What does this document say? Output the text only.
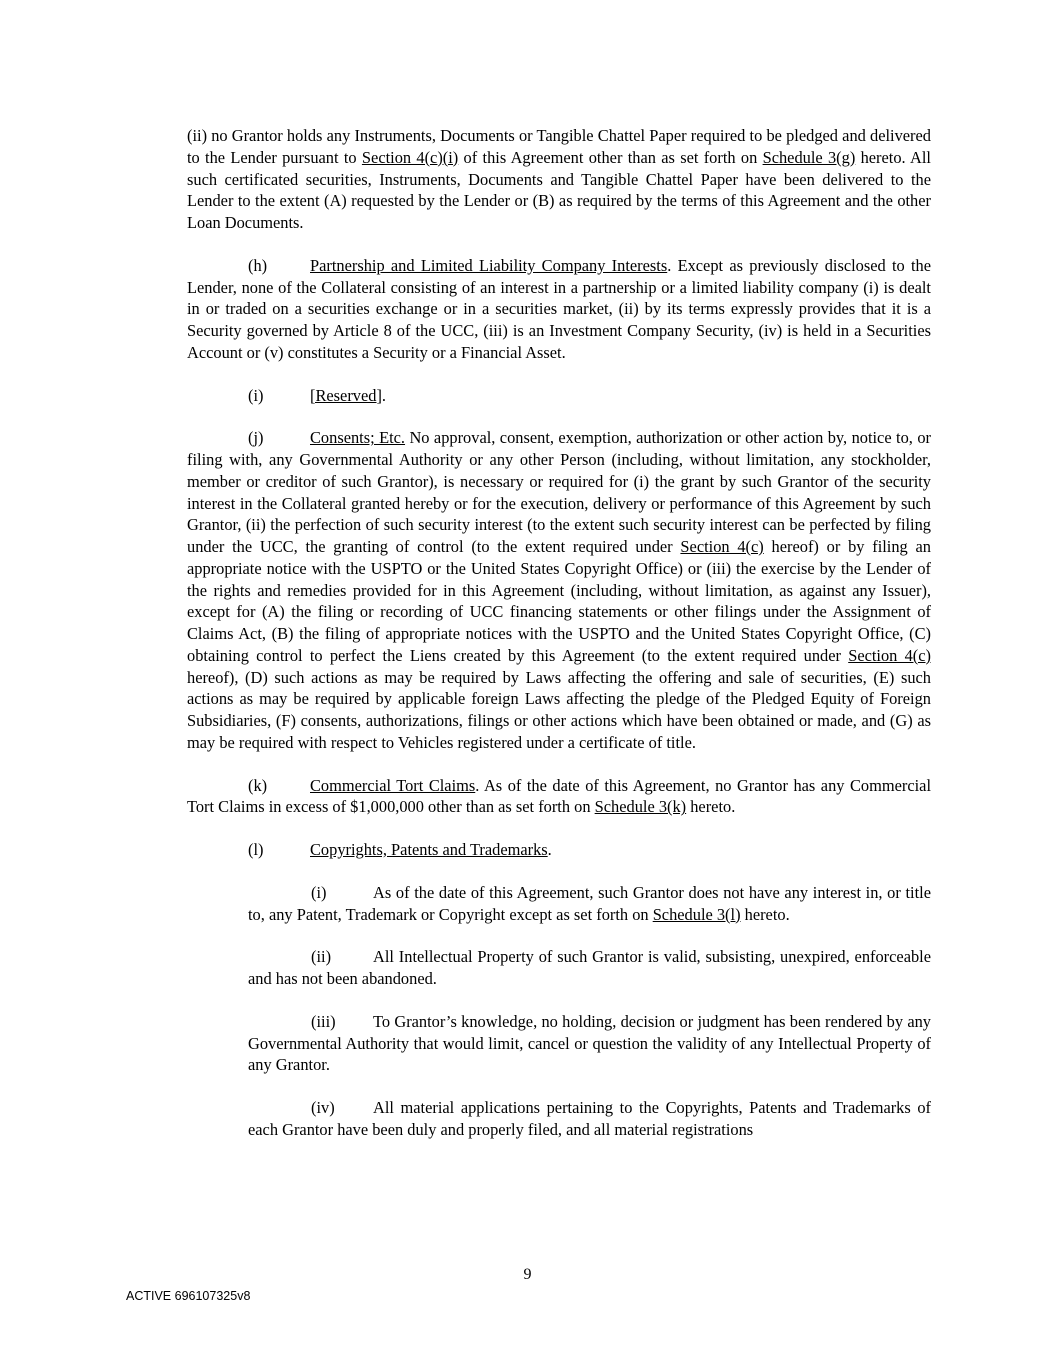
(ii) no Grantor holds any Instruments, Documents or Tangible Chattel Paper required to be pledged and delivered to the Lender pursuant to Section 4(c)(i) of this Agreement other than as set forth on Schedule 3(g) hereto. All such certificated securities, Instruments, Documents and Tangible Chattel Paper have been delivered to the Lender to the extent (A) requested by the Lender or (B) as required by the terms of this Agreement and the other Loan Documents.

(h)	Partnership and Limited Liability Company Interests. Except as previously disclosed to the Lender, none of the Collateral consisting of an interest in a partnership or a limited liability company (i) is dealt in or traded on a securities exchange or in a securities market, (ii) by its terms expressly provides that it is a Security governed by Article 8 of the UCC, (iii) is an Investment Company Security, (iv) is held in a Securities Account or (v) constitutes a Security or a Financial Asset.

(i)	[Reserved].

(j)	Consents; Etc. No approval, consent, exemption, authorization or other action by, notice to, or filing with, any Governmental Authority or any other Person (including, without limitation, any stockholder, member or creditor of such Grantor), is necessary or required for (i) the grant by such Grantor of the security interest in the Collateral granted hereby or for the execution, delivery or performance of this Agreement by such Grantor, (ii) the perfection of such security interest (to the extent such security interest can be perfected by filing under the UCC, the granting of control (to the extent required under Section 4(c) hereof) or by filing an appropriate notice with the USPTO or the United States Copyright Office) or (iii) the exercise by the Lender of the rights and remedies provided for in this Agreement (including, without limitation, as against any Issuer), except for (A) the filing or recording of UCC financing statements or other filings under the Assignment of Claims Act, (B) the filing of appropriate notices with the USPTO and the United States Copyright Office, (C) obtaining control to perfect the Liens created by this Agreement (to the extent required under Section 4(c) hereof), (D) such actions as may be required by Laws affecting the offering and sale of securities, (E) such actions as may be required by applicable foreign Laws affecting the pledge of the Pledged Equity of Foreign Subsidiaries, (F) consents, authorizations, filings or other actions which have been obtained or made, and (G) as may be required with respect to Vehicles registered under a certificate of title.

(k)	Commercial Tort Claims. As of the date of this Agreement, no Grantor has any Commercial Tort Claims in excess of $1,000,000 other than as set forth on Schedule 3(k) hereto.

(l)	Copyrights, Patents and Trademarks.

(i)	As of the date of this Agreement, such Grantor does not have any interest in, or title to, any Patent, Trademark or Copyright except as set forth on Schedule 3(l) hereto.

(ii)	All Intellectual Property of such Grantor is valid, subsisting, unexpired, enforceable and has not been abandoned.

(iii) To Grantor’s knowledge, no holding, decision or judgment has been rendered by any Governmental Authority that would limit, cancel or question the validity of any Intellectual Property of any Grantor.

(iv) All material applications pertaining to the Copyrights, Patents and Trademarks of each Grantor have been duly and properly filed, and all material registrations

9
ACTIVE 696107325v8
